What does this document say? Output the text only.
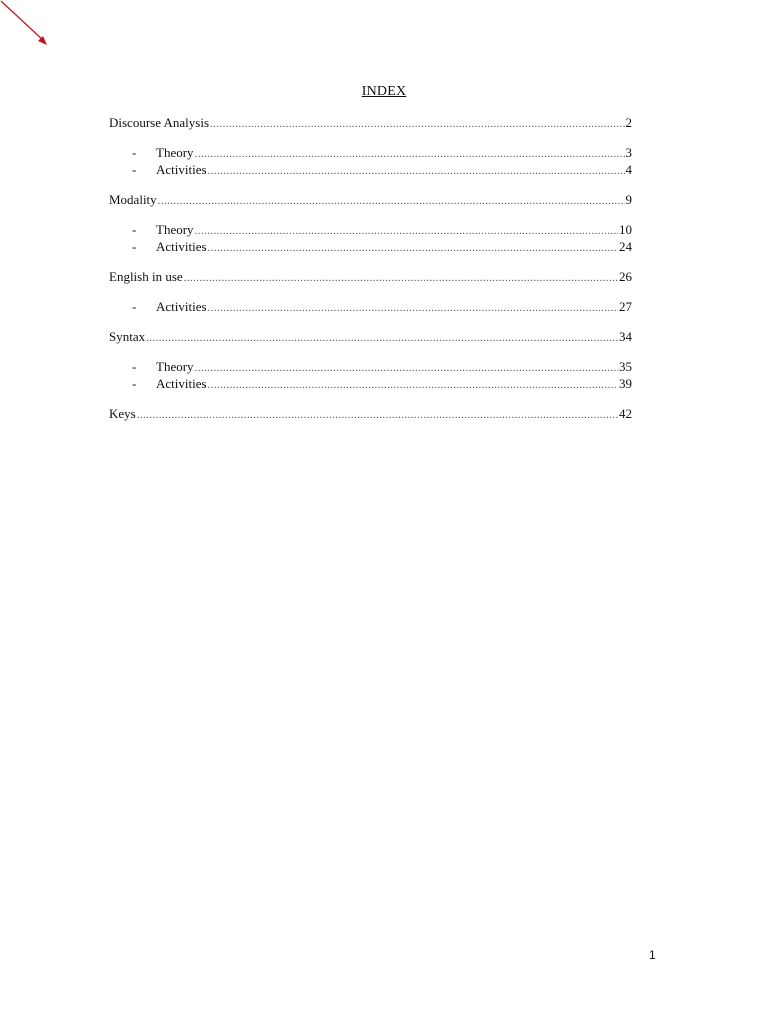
INDEX
Discourse Analysis .....	2
-	Theory .....	3
-	Activities .....	4
Modality .....	9
-	Theory .....	10
-	Activities .....	24
English in use .....	26
-	Activities .....	27
Syntax .....	34
-	Theory .....	35
-	Activities .....	39
Keys .....	42
1
